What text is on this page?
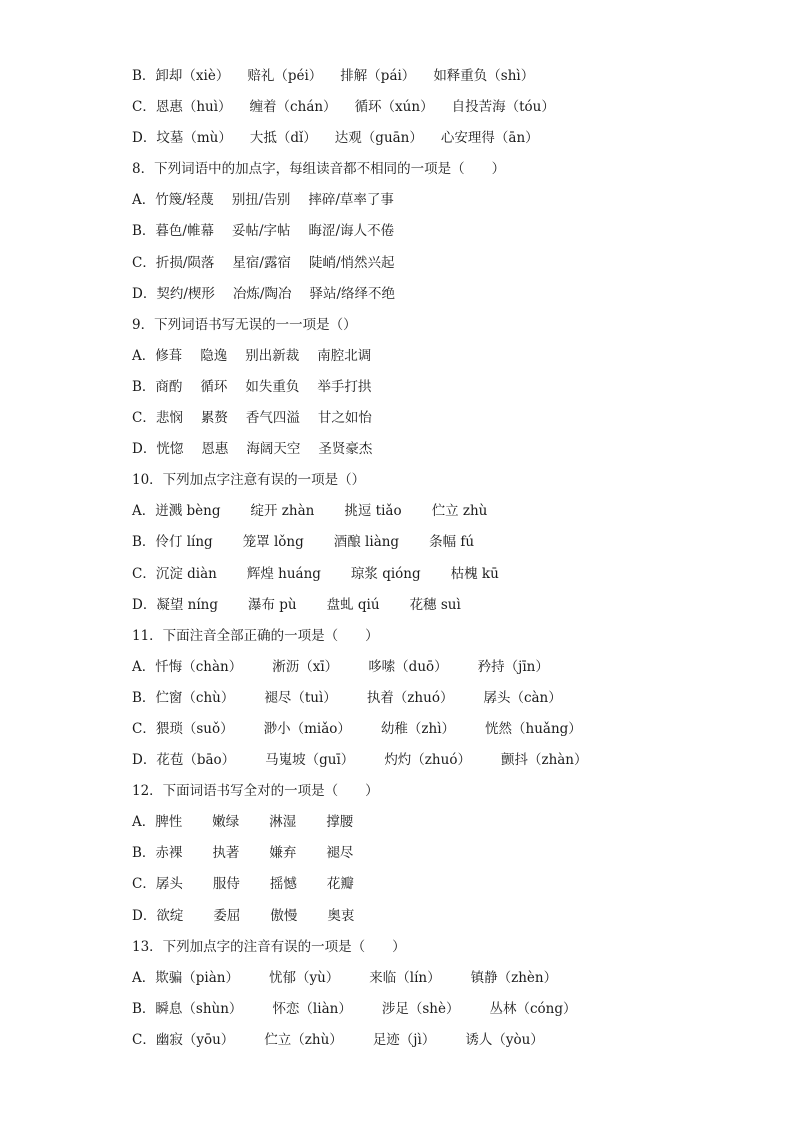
B． 卸却（xiè） 赔礼（péi） 排解（pái） 如释重负（shì）
C． 恩惠（huì） 缠着（chán） 循环（xún） 自投苦海（tóu）
D． 坟墓（mù） 大抵（dǐ） 达观（guān） 心安理得（ān）
8．下列词语中的加点字，每组读音都不相同的一项是（　　）
A． 竹篾/轻蔑 别扭/告别 摔碎/草率了事
B． 暮色/帷幕 妥帖/字帖 晦涩/诲人不倦
C． 折损/陨落 星宿/露宿 陡峭/悄然兴起
D． 契约/楔形 冶炼/陶冶 驿站/络绎不绝
9．下列词语书写无误的一一项是（）
A． 修葺 隐逸 别出新裁 南腔北调
B． 商酌 循环 如失重负 举手打拱
C． 悲悯 累赘 香气四溢 甘之如怡
D． 恍惚 恩惠 海阔天空 圣贤豪杰
10．下列加点字注意有误的一项是（）
A． 迸溅 bèng 绽开 zhàn 挑逗 tiǎo 伫立 zhù
B． 伶仃 líng 笼罩 lǒng 酒酿 liàng 条幅 fú
C． 沉淀 diàn 辉煌 huáng 琼浆 qióng 枯槐 kū
D． 凝望 níng 瀑布 pù 盘虬 qiú 花穗 suì
11．下面注音全部正确的一项是（　　）
A． 忏悔（chàn） 淅沥（xī） 哆嗦（duō） 矜持（jīn）
B． 伫窗（chù） 褪尽（tuì） 执着（zhuó） 孱头（càn）
C． 猥琐（suǒ） 渺小（miǎo） 幼稚（zhì） 恍然（huǎng）
D． 花苞（bāo） 马嵬坡（guī） 灼灼（zhuó） 颤抖（zhàn）
12．下面词语书写全对的一项是（　　）
A． 脾性 嫩绿 淋湿 撑腰
B． 赤裸 执著 嫌弃 褪尽
C． 孱头 服侍 摇憾 花瓣
D． 欲绽 委屈 傲慢 奥衷
13．下列加点字的注音有误的一项是（　　）
A． 欺骗（piàn） 忧郁（yù） 来临（lín） 镇静（zhèn）
B． 瞬息（shùn） 怀恋（liàn） 涉足（shè） 丛林（cóng）
C． 幽寂（yōu） 伫立（zhù） 足迹（jì） 诱人（yòu）
